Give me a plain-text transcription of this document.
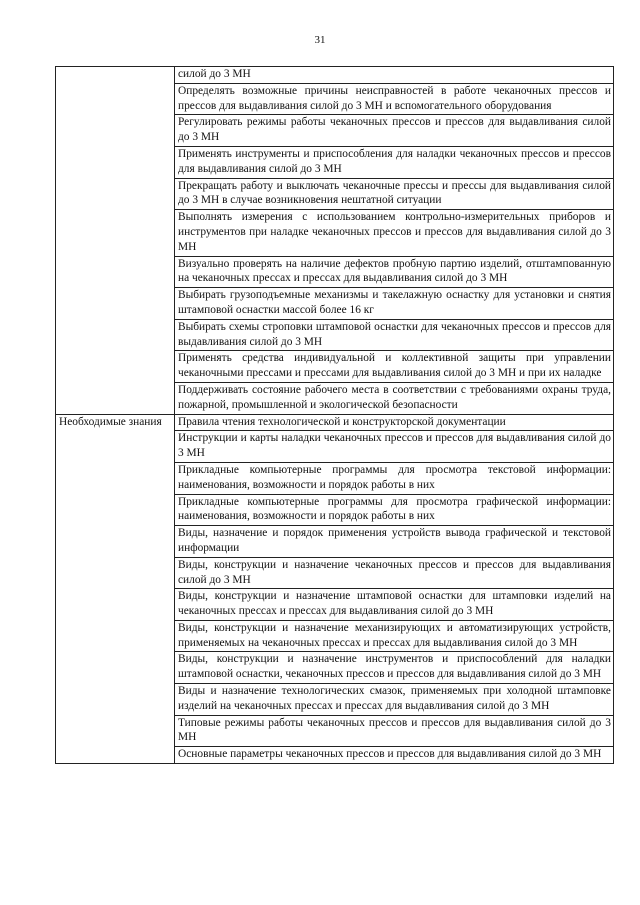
31
	силой до 3 МН
	Определять возможные причины неисправностей в работе чеканочных прессов и прессов для выдавливания силой до 3 МН и вспомогательного оборудования
	Регулировать режимы работы чеканочных прессов и прессов для выдавливания силой до 3 МН
	Применять инструменты и приспособления для наладки чеканочных прессов и прессов для выдавливания силой до 3 МН
	Прекращать работу и выключать чеканочные прессы и прессы для выдавливания силой до 3 МН в случае возникновения нештатной ситуации
	Выполнять измерения с использованием контрольно-измерительных приборов и инструментов при наладке чеканочных прессов и прессов для выдавливания силой до 3 МН
	Визуально проверять на наличие дефектов пробную партию изделий, отштампованную на чеканочных прессах и прессах для выдавливания силой до 3 МН
	Выбирать грузоподъемные механизмы и такелажную оснастку для установки и снятия штамповой оснастки массой более 16 кг
	Выбирать схемы строповки штамповой оснастки для чеканочных прессов и прессов для выдавливания силой до 3 МН
	Применять средства индивидуальной и коллективной защиты при управлении чеканочными прессами и прессами для выдавливания силой до 3 МН и при их наладке
	Поддерживать состояние рабочего места в соответствии с требованиями охраны труда, пожарной, промышленной и экологической безопасности
Необходимые знания	Правила чтения технологической и конструкторской документации
	Инструкции и карты наладки чеканочных прессов и прессов для выдавливания силой до 3 МН
	Прикладные компьютерные программы для просмотра текстовой информации: наименования, возможности и порядок работы в них
	Прикладные компьютерные программы для просмотра графической информации: наименования, возможности и порядок работы в них
	Виды, назначение и порядок применения устройств вывода графической и текстовой информации
	Виды, конструкции и назначение чеканочных прессов и прессов для выдавливания силой до 3 МН
	Виды, конструкции и назначение штамповой оснастки для штамповки изделий на чеканочных прессах и прессах для выдавливания силой до 3 МН
	Виды, конструкции и назначение механизирующих и автоматизирующих устройств, применяемых на чеканочных прессах и прессах для выдавливания силой до 3 МН
	Виды, конструкции и назначение инструментов и приспособлений для наладки штамповой оснастки, чеканочных прессов и прессов для выдавливания силой до 3 МН
	Виды и назначение технологических смазок, применяемых при холодной штамповке изделий на чеканочных прессах и прессах для выдавливания силой до 3 МН
	Типовые режимы работы чеканочных прессов и прессов для выдавливания силой до 3 МН
	Основные параметры чеканочных прессов и прессов для выдавливания силой до 3 МН
